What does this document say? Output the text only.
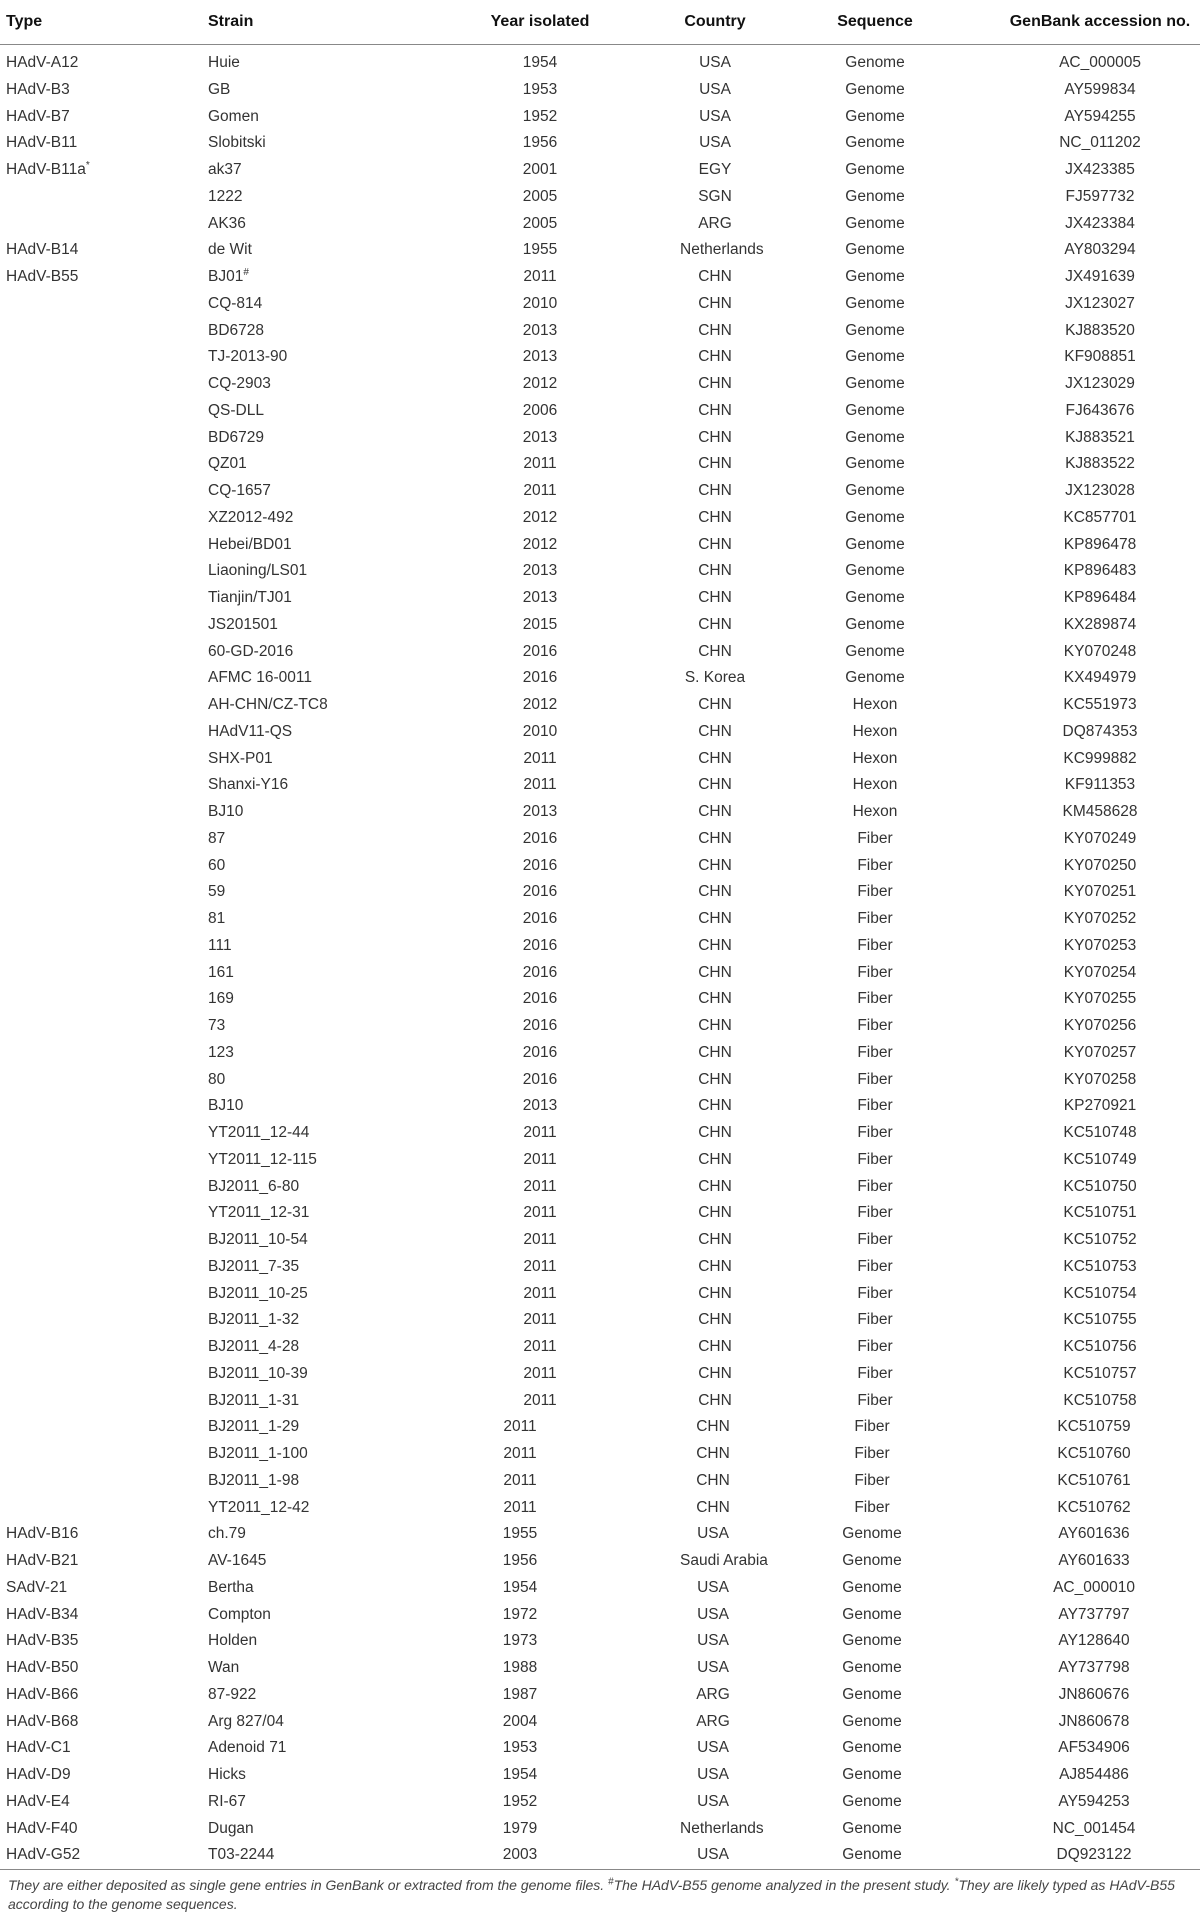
Type	Strain	Year isolated	Country	Sequence	GenBank accession no.
HAdV-A12	Huie	1954	USA	Genome	AC_000005
HAdV-B3	GB	1953	USA	Genome	AY599834
HAdV-B7	Gomen	1952	USA	Genome	AY594255
HAdV-B11	Slobitski	1956	USA	Genome	NC_011202
HAdV-B11a*	ak37	2001	EGY	Genome	JX423385
	1222	2005	SGN	Genome	FJ597732
	AK36	2005	ARG	Genome	JX423384
HAdV-B14	de Wit	1955	Netherlands	Genome	AY803294
HAdV-B55	BJ01#	2011	CHN	Genome	JX491639
	CQ-814	2010	CHN	Genome	JX123027
	BD6728	2013	CHN	Genome	KJ883520
	TJ-2013-90	2013	CHN	Genome	KF908851
	CQ-2903	2012	CHN	Genome	JX123029
	QS-DLL	2006	CHN	Genome	FJ643676
	BD6729	2013	CHN	Genome	KJ883521
	QZ01	2011	CHN	Genome	KJ883522
	CQ-1657	2011	CHN	Genome	JX123028
	XZ2012-492	2012	CHN	Genome	KC857701
	Hebei/BD01	2012	CHN	Genome	KP896478
	Liaoning/LS01	2013	CHN	Genome	KP896483
	Tianjin/TJ01	2013	CHN	Genome	KP896484
	JS201501	2015	CHN	Genome	KX289874
	60-GD-2016	2016	CHN	Genome	KY070248
	AFMC 16-0011	2016	S. Korea	Genome	KX494979
	AH-CHN/CZ-TC8	2012	CHN	Hexon	KC551973
	HAdV11-QS	2010	CHN	Hexon	DQ874353
	SHX-P01	2011	CHN	Hexon	KC999882
	Shanxi-Y16	2011	CHN	Hexon	KF911353
	BJ10	2013	CHN	Hexon	KM458628
	87	2016	CHN	Fiber	KY070249
	60	2016	CHN	Fiber	KY070250
	59	2016	CHN	Fiber	KY070251
	81	2016	CHN	Fiber	KY070252
	111	2016	CHN	Fiber	KY070253
	161	2016	CHN	Fiber	KY070254
	169	2016	CHN	Fiber	KY070255
	73	2016	CHN	Fiber	KY070256
	123	2016	CHN	Fiber	KY070257
	80	2016	CHN	Fiber	KY070258
	BJ10	2013	CHN	Fiber	KP270921
	YT2011_12-44	2011	CHN	Fiber	KC510748
	YT2011_12-115	2011	CHN	Fiber	KC510749
	BJ2011_6-80	2011	CHN	Fiber	KC510750
	YT2011_12-31	2011	CHN	Fiber	KC510751
	BJ2011_10-54	2011	CHN	Fiber	KC510752
	BJ2011_7-35	2011	CHN	Fiber	KC510753
	BJ2011_10-25	2011	CHN	Fiber	KC510754
	BJ2011_1-32	2011	CHN	Fiber	KC510755
	BJ2011_4-28	2011	CHN	Fiber	KC510756
	BJ2011_10-39	2011	CHN	Fiber	KC510757
	BJ2011_1-31	2011	CHN	Fiber	KC510758
	BJ2011_1-29	2011	CHN	Fiber	KC510759
	BJ2011_1-100	2011	CHN	Fiber	KC510760
	BJ2011_1-98	2011	CHN	Fiber	KC510761
	YT2011_12-42	2011	CHN	Fiber	KC510762
HAdV-B16	ch.79	1955	USA	Genome	AY601636
HAdV-B21	AV-1645	1956	Saudi Arabia	Genome	AY601633
SAdV-21	Bertha	1954	USA	Genome	AC_000010
HAdV-B34	Compton	1972	USA	Genome	AY737797
HAdV-B35	Holden	1973	USA	Genome	AY128640
HAdV-B50	Wan	1988	USA	Genome	AY737798
HAdV-B66	87-922	1987	ARG	Genome	JN860676
HAdV-B68	Arg 827/04	2004	ARG	Genome	JN860678
HAdV-C1	Adenoid 71	1953	USA	Genome	AF534906
HAdV-D9	Hicks	1954	USA	Genome	AJ854486
HAdV-E4	RI-67	1952	USA	Genome	AY594253
HAdV-F40	Dugan	1979	Netherlands	Genome	NC_001454
HAdV-G52	T03-2244	2003	USA	Genome	DQ923122
They are either deposited as single gene entries in GenBank or extracted from the genome files. #The HAdV-B55 genome analyzed in the present study. *They are likely typed as HAdV-B55 according to the genome sequences.
